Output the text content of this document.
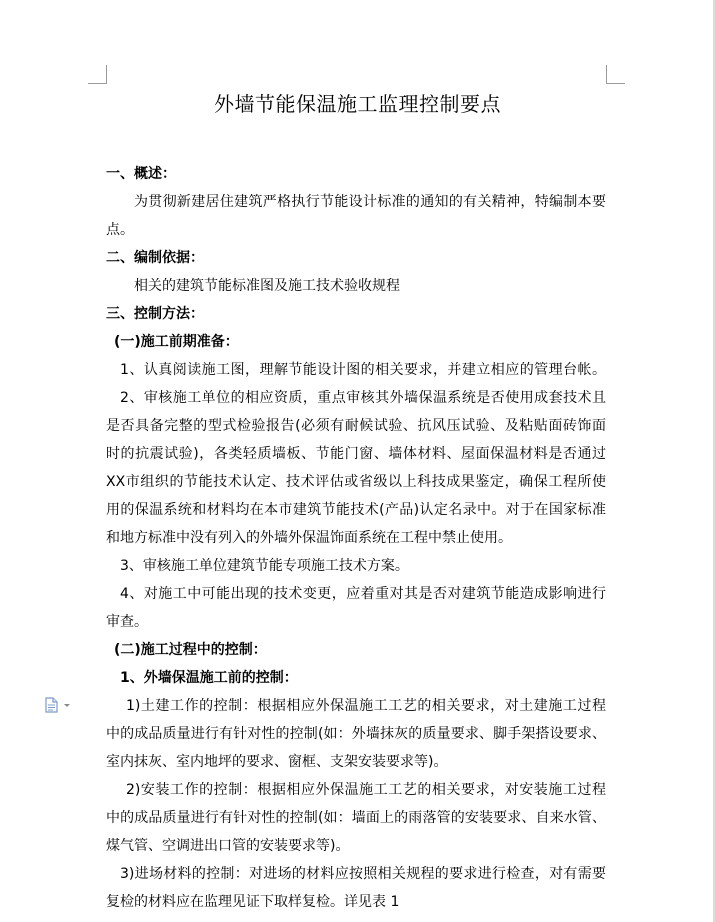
外墙节能保温施工监理控制要点
一、概述：
为贯彻新建居住建筑严格执行节能设计标准的通知的有关精神，特编制本要
点。
二、编制依据：
相关的建筑节能标准图及施工技术验收规程
三、控制方法：
(一)施工前期准备：
1、认真阅读施工图，理解节能设计图的相关要求，并建立相应的管理台帐。
2、审核施工单位的相应资质，重点审核其外墙保温系统是否使用成套技术且
是否具备完整的型式检验报告(必须有耐候试验、抗风压试验、及粘贴面砖饰面
时的抗震试验)，各类轻质墙板、节能门窗、墙体材料、屋面保温材料是否通过
XX市组织的节能技术认定、技术评估或省级以上科技成果鉴定，确保工程所使
用的保温系统和材料均在本市建筑节能技术(产品)认定名录中。对于在国家标准
和地方标准中没有列入的外墙外保温饰面系统在工程中禁止使用。
3、审核施工单位建筑节能专项施工技术方案。
4、对施工中可能出现的技术变更，应着重对其是否对建筑节能造成影响进行
审查。
(二)施工过程中的控制：
1、外墙保温施工前的控制：
1)土建工作的控制：根据相应外保温施工工艺的相关要求，对土建施工过程
中的成品质量进行有针对性的控制(如：外墙抹灰的质量要求、脚手架搭设要求、
室内抹灰、室内地坪的要求、窗框、支架安装要求等)。
2)安装工作的控制：根据相应外保温施工工艺的相关要求，对安装施工过程
中的成品质量进行有针对性的控制(如：墙面上的雨落管的安装要求、自来水管、
煤气管、空调进出口管的安装要求等)。
3)进场材料的控制：对进场的材料应按照相关规程的要求进行检查，对有需要
复检的材料应在监理见证下取样复检。详见表 1
